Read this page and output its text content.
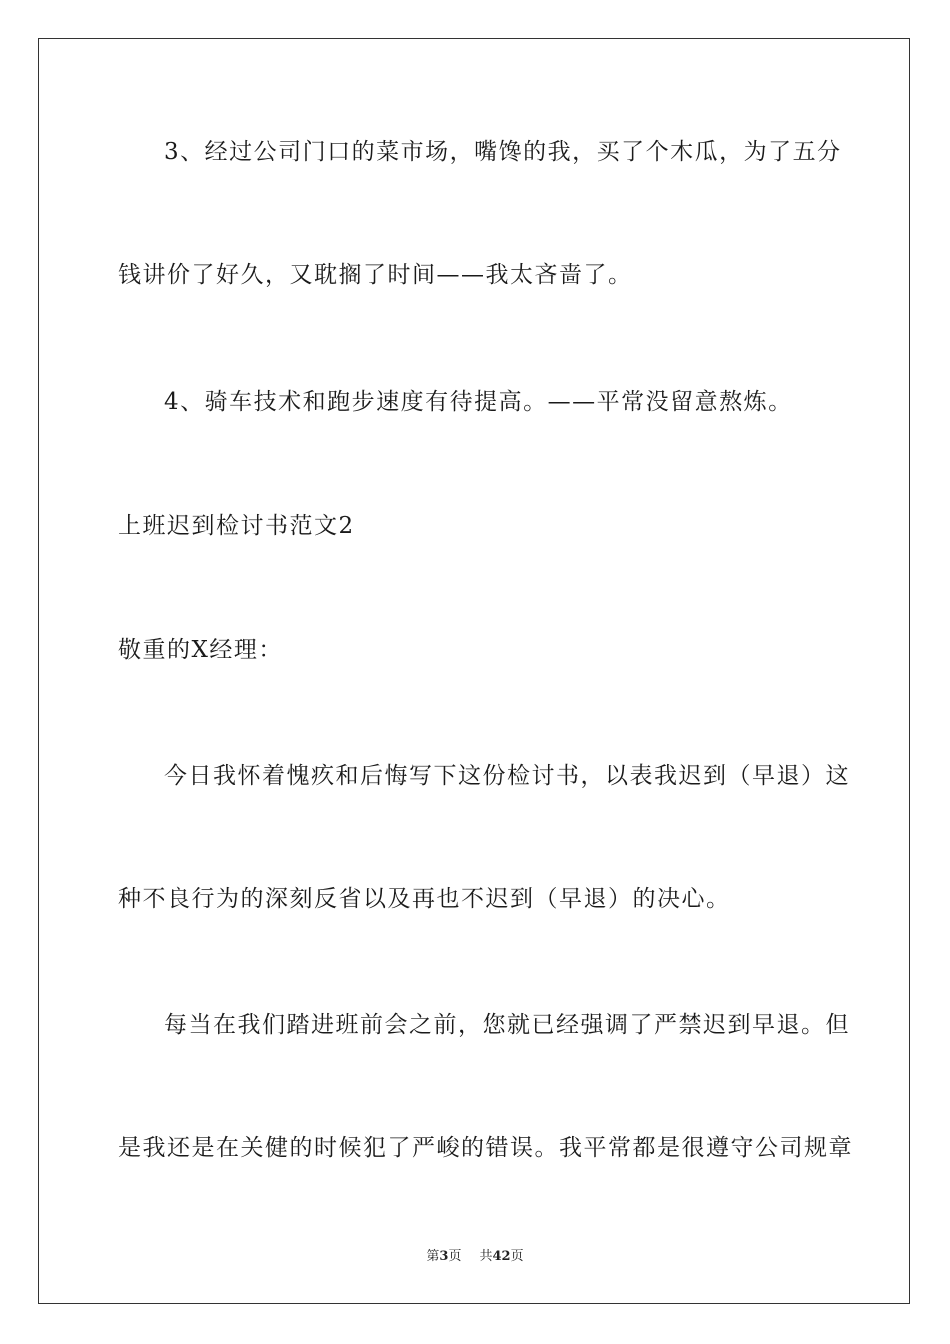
3、经过公司门口的菜市场，嘴馋的我，买了个木瓜，为了五分
钱讲价了好久，又耽搁了时间——我太吝啬了。
4、骑车技术和跑步速度有待提高。——平常没留意熬炼。
上班迟到检讨书范文2
敬重的X经理：
今日我怀着愧疚和后悔写下这份检讨书，以表我迟到（早退）这
种不良行为的深刻反省以及再也不迟到（早退）的决心。
每当在我们踏进班前会之前，您就已经强调了严禁迟到早退。但
是我还是在关健的时候犯了严峻的错误。我平常都是很遵守公司规章
第3页 共42页
